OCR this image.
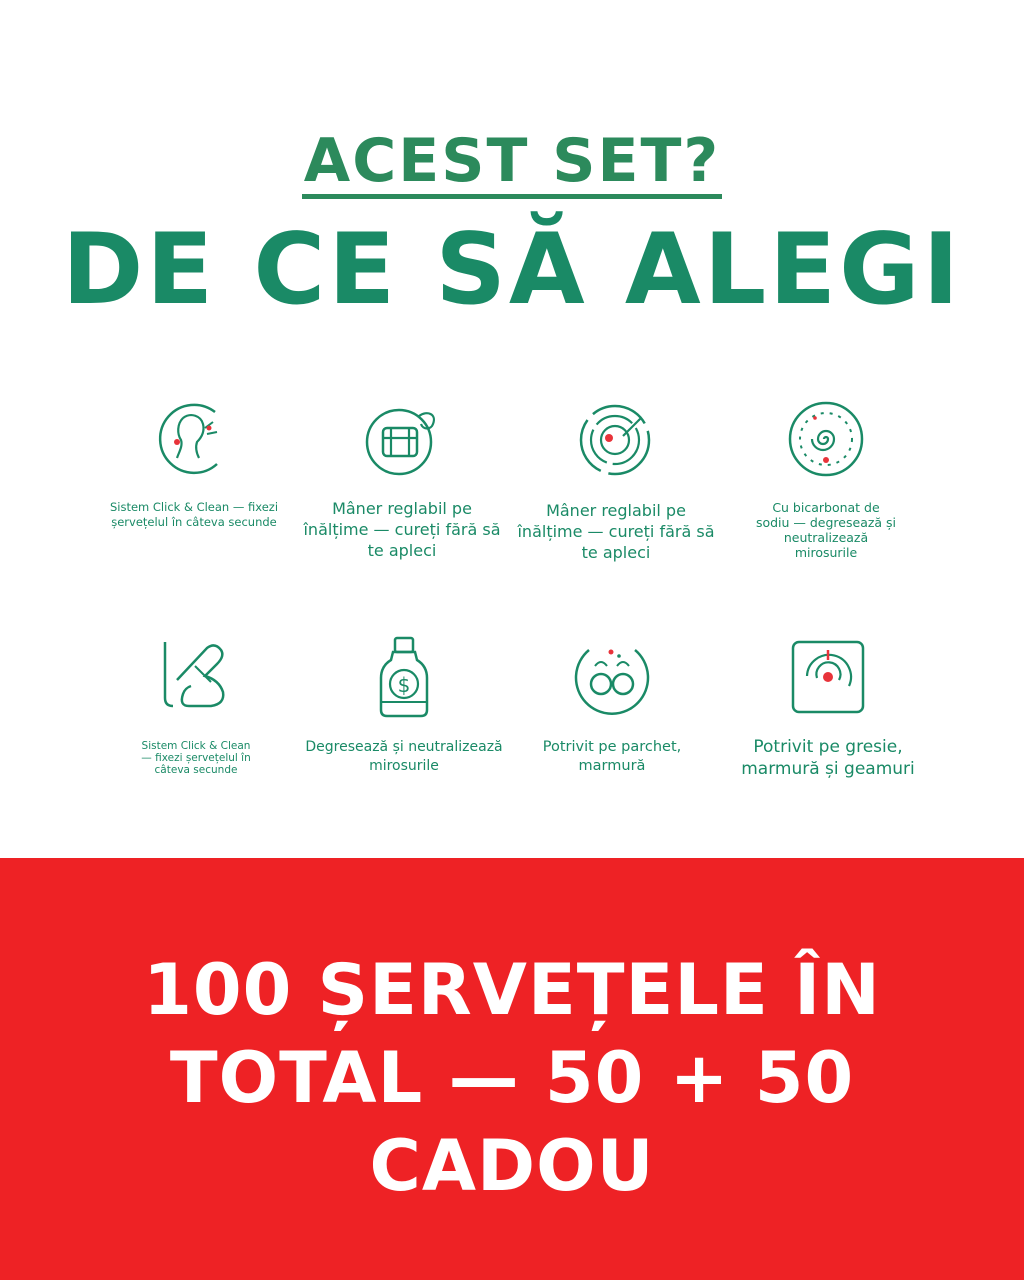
ACEST SET?
DE CE SĂ ALEGI
Sistem Click & Clean — fixezi șervețelul în câteva secunde
Mâner reglabil pe înălțime — cureți fără să te apleci
Mâner reglabil pe înălțime — cureți fără să te apleci
Cu bicarbonat de sodiu — degresează și neutralizează mirosurile
Sistem Click & Clean — fixezi șervețelul în câteva secunde
$
Degresează și neutralizează mirosurile
Potrivit pe parchet, marmură
Potrivit pe gresie, marmură și geamuri
100 ȘERVEȚELE ÎN
TOTAL — 50 + 50
CADOU
